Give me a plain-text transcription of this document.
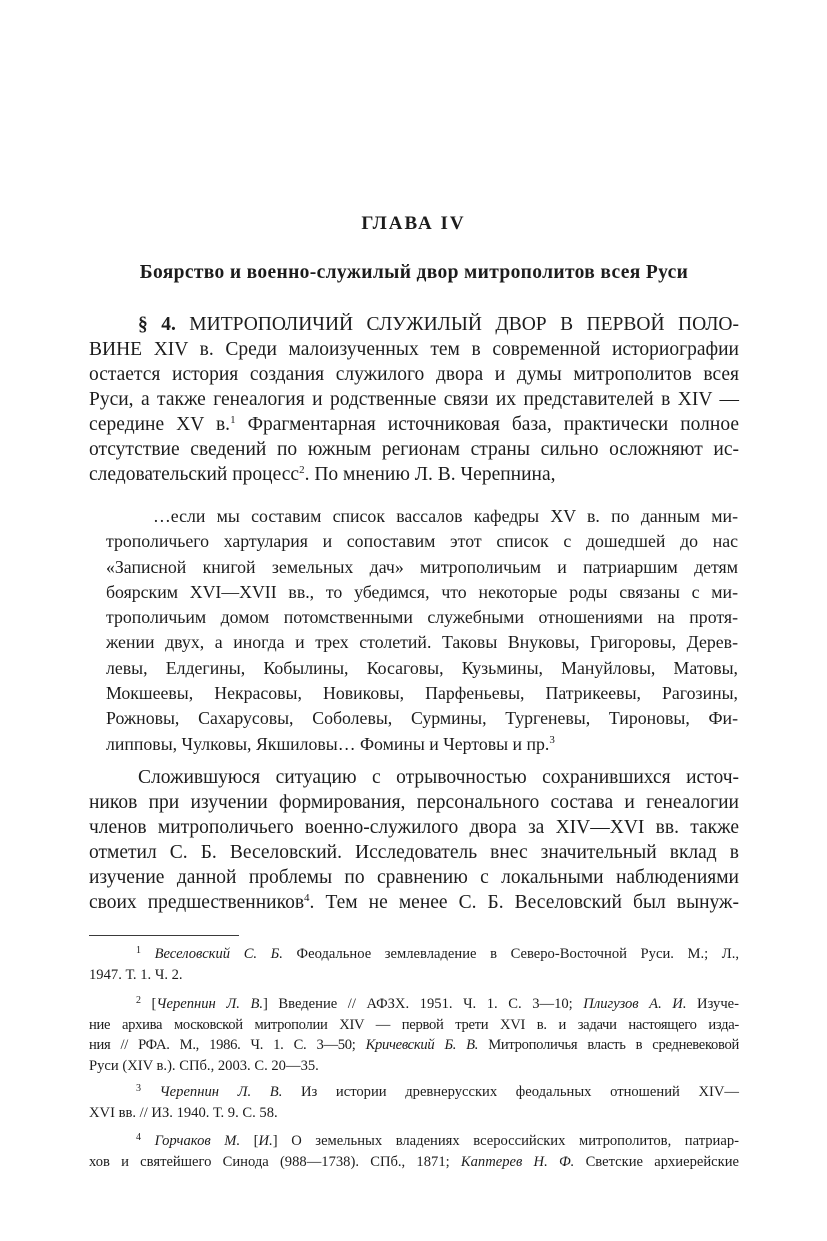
ГЛАВА IV
Боярство и военно-служилый двор митрополитов всея Руси
§ 4. МИТРОПОЛИЧИЙ СЛУЖИЛЫЙ ДВОР В ПЕРВОЙ ПОЛО-
ВИНЕ XIV в. Среди малоизученных тем в современной историографии
остается история создания служилого двора и думы митрополитов всея
Руси, а также генеалогия и родственные связи их представителей в XIV —
середине XV в.$^1$ Фрагментарная источниковая база, практически полное
отсутствие сведений по южным регионам страны сильно осложняют ис-
следовательский процесс$^2$. По мнению Л. В. Черепнина,
…если мы составим список вассалов кафедры XV в. по данным ми-
трополичьего хартулария и сопоставим этот список с дошедшей до нас
«Записной книгой земельных дач» митрополичьим и патриаршим детям
боярским XVI—XVII вв., то убедимся, что некоторые роды связаны с ми-
трополичьим домом потомственными служебными отношениями на протя-
жении двух, а иногда и трех столетий. Таковы Внуковы, Григоровы, Дерев-
левы, Елдегины, Кобылины, Косаговы, Кузьмины, Мануйловы, Матовы,
Мокшеевы, Некрасовы, Новиковы, Парфеньевы, Патрикеевы, Рагозины,
Рожновы, Сахарусовы, Соболевы, Сурмины, Тургеневы, Тироновы, Фи-
липповы, Чулковы, Якшиловы… Фомины и Чертовы и пр.$^3$
Сложившуюся ситуацию с отрывочностью сохранившихся источ-
ников при изучении формирования, персонального состава и генеалогии
членов митрополичьего военно-служилого двора за XIV—XVI вв. также
отметил С. Б. Веселовский. Исследователь внес значительный вклад в
изучение данной проблемы по сравнению с локальными наблюдениями
своих предшественников$^4$. Тем не менее С. Б. Веселовский был вынуж-
$^1$ Веселовский С. Б. Феодальное землевладение в Северо-Восточной Руси. М.; Л.,
1947. Т. 1. Ч. 2.
$^2$ [Черепнин Л. В.] Введение // АФЗХ. 1951. Ч. 1. С. 3—10; Плигузов А. И. Изуче-
ние архива московской митрополии XIV — первой трети XVI в. и задачи настоящего изда-
ния // РФА. М., 1986. Ч. 1. С. 3—50; Кричевский Б. В. Митрополичья власть в средневековой
Руси (XIV в.). СПб., 2003. С. 20—35.
$^3$ Черепнин Л. В. Из истории древнерусских феодальных отношений XIV—
XVI вв. // ИЗ. 1940. Т. 9. С. 58.
$^4$ Горчаков М. [И.] О земельных владениях всероссийских митрополитов, патриар-
хов и святейшего Синода (988—1738). СПб., 1871; Каптерев Н. Ф. Светские архиерейские
